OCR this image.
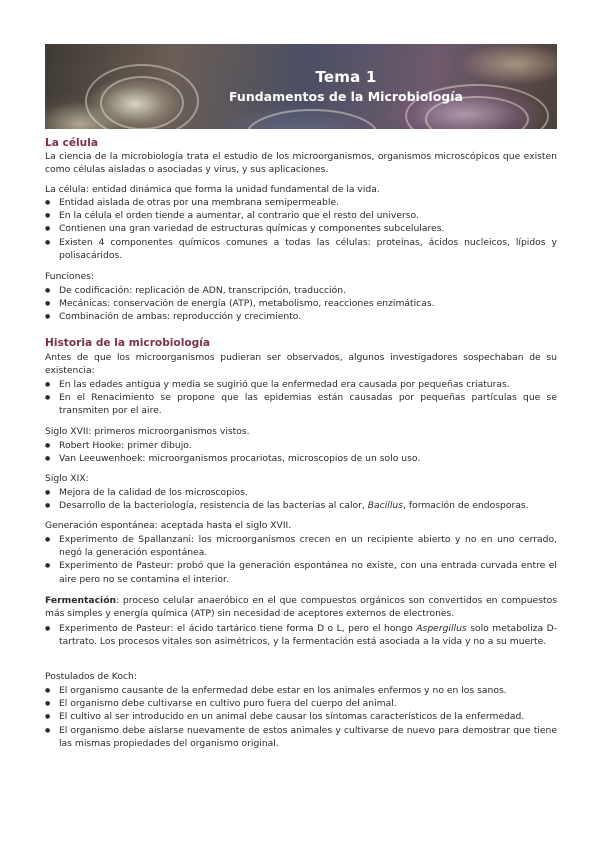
Tema 1
Fundamentos de la Microbiología
La célula

La ciencia de la microbiología trata el estudio de los microorganismos, organismos microscópicos que existen como células aisladas o asociadas y virus, y sus aplicaciones.

La célula: entidad dinámica que forma la unidad fundamental de la vida.

● Entidad aislada de otras por una membrana semipermeable.
● En la célula el orden tiende a aumentar, al contrario que el resto del universo.
● Contienen una gran variedad de estructuras químicas y componentes subcelulares.
● Existen 4 componentes químicos comunes a todas las células: proteínas, ácidos nucleicos, lípidos y polisacáridos.

Funciones:

● De codificación: replicación de ADN, transcripción, traducción.
● Mecánicas: conservación de energía (ATP), metabolismo, reacciones enzimáticas.
● Combinación de ambas: reproducción y crecimiento.
Historia de la microbiología

Antes de que los microorganismos pudieran ser observados, algunos investigadores sospechaban de su existencia:

● En las edades antigua y media se sugirió que la enfermedad era causada por pequeñas criaturas.
● En el Renacimiento se propone que las epidemias están causadas por pequeñas partículas que se transmiten por el aire.

Siglo XVII: primeros microorganismos vistos.

● Robert Hooke: primer dibujo.
● Van Leeuwenhoek: microorganismos procariotas, microscopios de un solo uso.

Siglo XIX:

● Mejora de la calidad de los microscopios.
● Desarrollo de la bacteriología, resistencia de las bacterias al calor, Bacillus, formación de endosporas.

Generación espontánea: aceptada hasta el siglo XVII.

● Experimento de Spallanzani: los microorganismos crecen en un recipiente abierto y no en uno cerrado, negó la generación espontánea.
● Experimento de Pasteur: probó que la generación espontánea no existe, con una entrada curvada entre el aire pero no se contamina el interior.

Fermentación: proceso celular anaeróbico en el que compuestos orgánicos son convertidos en compuestos más simples y energía química (ATP) sin necesidad de aceptores externos de electrones.

● Experimento de Pasteur: el ácido tartárico tiene forma D o L, pero el hongo Aspergillus solo metaboliza D-tartrato. Los procesos vitales son asimétricos, y la fermentación está asociada a la vida y no a su muerte.

Postulados de Koch:

● El organismo causante de la enfermedad debe estar en los animales enfermos y no en los sanos.
● El organismo debe cultivarse en cultivo puro fuera del cuerpo del animal.
● El cultivo al ser introducido en un animal debe causar los síntomas característicos de la enfermedad.
● El organismo debe aislarse nuevamente de estos animales y cultivarse de nuevo para demostrar que tiene las mismas propiedades del organismo original.
